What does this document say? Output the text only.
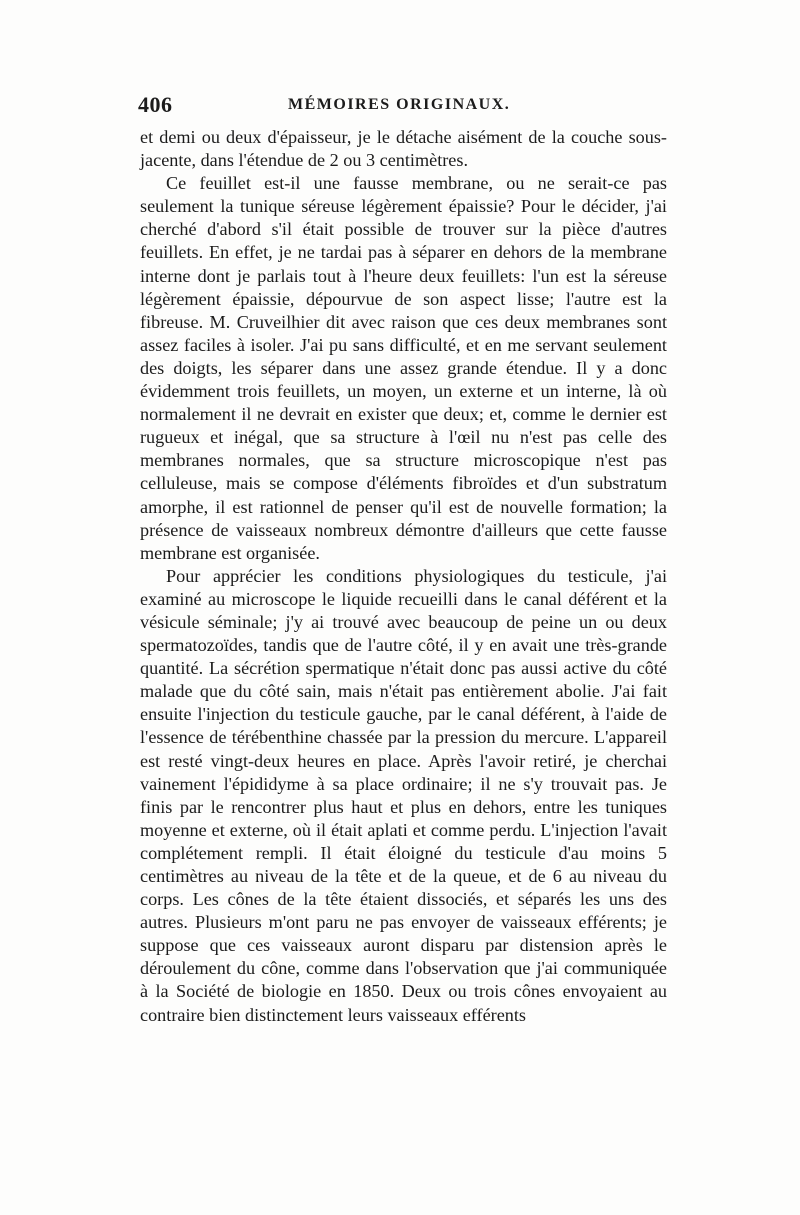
406	MÉMOIRES ORIGINAUX.

et demi ou deux d'épaisseur, je le détache aisément de la couche sous-jacente, dans l'étendue de 2 ou 3 centimètres.

Ce feuillet est-il une fausse membrane, ou ne serait-ce pas seulement la tunique séreuse légèrement épaissie? Pour le décider, j'ai cherché d'abord s'il était possible de trouver sur la pièce d'autres feuillets. En effet, je ne tardai pas à séparer en dehors de la membrane interne dont je parlais tout à l'heure deux feuillets: l'un est la séreuse légèrement épaissie, dépourvue de son aspect lisse; l'autre est la fibreuse. M. Cruveilhier dit avec raison que ces deux membranes sont assez faciles à isoler. J'ai pu sans difficulté, et en me servant seulement des doigts, les séparer dans une assez grande étendue. Il y a donc évidemment trois feuillets, un moyen, un externe et un interne, là où normalement il ne devrait en exister que deux; et, comme le dernier est rugueux et inégal, que sa structure à l'œil nu n'est pas celle des membranes normales, que sa structure microscopique n'est pas celluleuse, mais se compose d'éléments fibroïdes et d'un substratum amorphe, il est rationnel de penser qu'il est de nouvelle formation; la présence de vaisseaux nombreux démontre d'ailleurs que cette fausse membrane est organisée.

Pour apprécier les conditions physiologiques du testicule, j'ai examiné au microscope le liquide recueilli dans le canal déférent et la vésicule séminale; j'y ai trouvé avec beaucoup de peine un ou deux spermatozoïdes, tandis que de l'autre côté, il y en avait une très-grande quantité. La sécrétion spermatique n'était donc pas aussi active du côté malade que du côté sain, mais n'était pas entièrement abolie. J'ai fait ensuite l'injection du testicule gauche, par le canal déférent, à l'aide de l'essence de térébenthine chassée par la pression du mercure. L'appareil est resté vingt-deux heures en place. Après l'avoir retiré, je cherchai vainement l'épididyme à sa place ordinaire; il ne s'y trouvait pas. Je finis par le rencontrer plus haut et plus en dehors, entre les tuniques moyenne et externe, où il était aplati et comme perdu. L'injection l'avait complétement rempli. Il était éloigné du testicule d'au moins 5 centimètres au niveau de la tête et de la queue, et de 6 au niveau du corps. Les cônes de la tête étaient dissociés, et séparés les uns des autres. Plusieurs m'ont paru ne pas envoyer de vaisseaux efférents; je suppose que ces vaisseaux auront disparu par distension après le déroulement du cône, comme dans l'observation que j'ai communiquée à la Société de biologie en 1850. Deux ou trois cônes envoyaient au contraire bien distinctement leurs vaisseaux efférents
